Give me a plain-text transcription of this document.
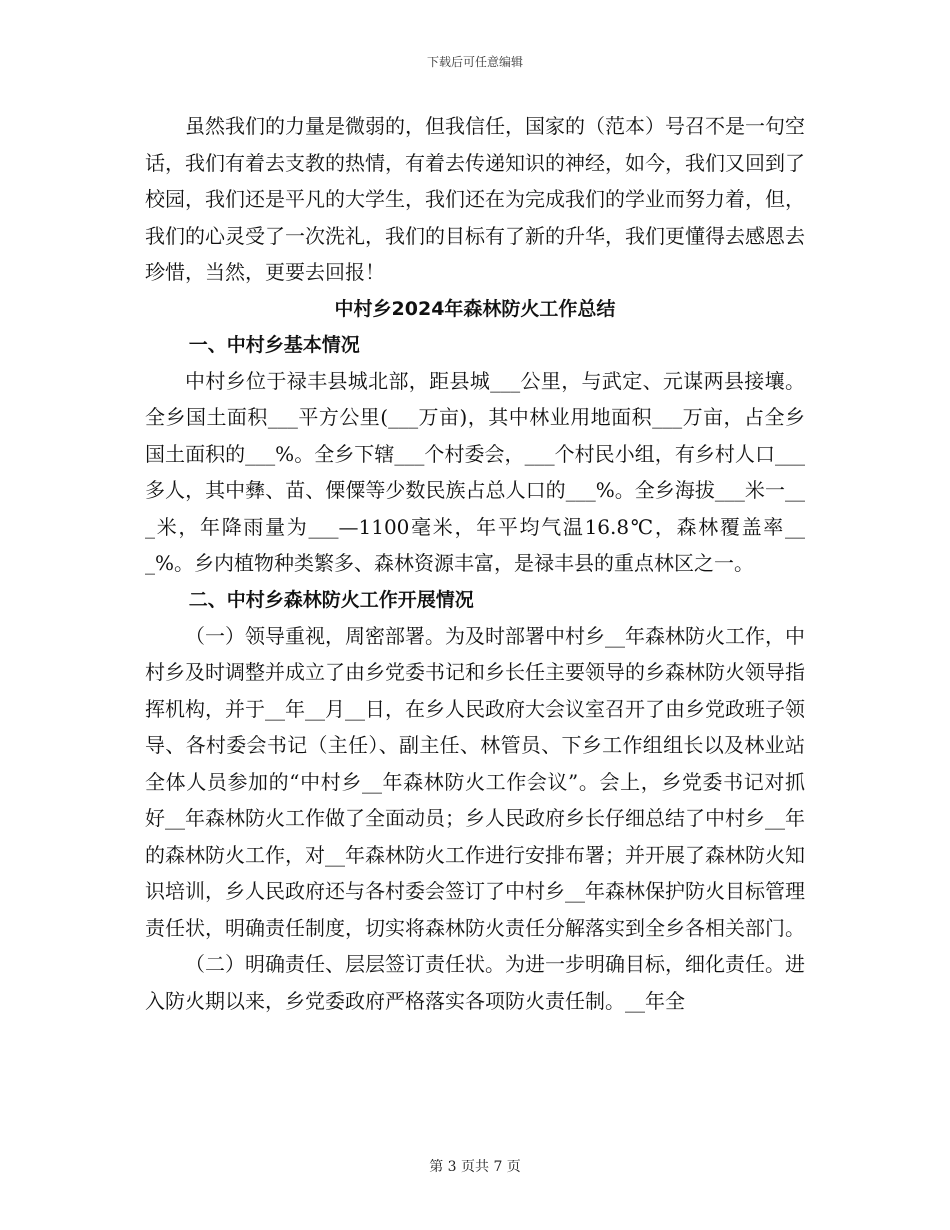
下载后可任意编辑

虽然我们的力量是微弱的，但我信任，国家的（范本）号召不是一句空话，我们有着去支教的热情，有着去传递知识的神经，如今，我们又回到了校园，我们还是平凡的大学生，我们还在为完成我们的学业而努力着，但，我们的心灵受了一次洗礼，我们的目标有了新的升华，我们更懂得去感恩去珍惜，当然，更要去回报！

中村乡2024年森林防火工作总结
一、中村乡基本情况

中村乡位于禄丰县城北部，距县城___公里，与武定、元谋两县接壤。全乡国土面积___平方公里(___万亩)，其中林业用地面积___万亩，占全乡国土面积的___%。全乡下辖___个村委会，___个村民小组，有乡村人口___多人，其中彝、苗、傈僳等少数民族占总人口的___%。全乡海拔___米一___米，年降雨量为___—1100毫米，年平均气温16.8℃，森林覆盖率___%。乡内植物种类繁多、森林资源丰富，是禄丰县的重点林区之一。

二、中村乡森林防火工作开展情况

（一）领导重视，周密部署。为及时部署中村乡__年森林防火工作，中村乡及时调整并成立了由乡党委书记和乡长任主要领导的乡森林防火领导指挥机构，并于__年__月__日，在乡人民政府大会议室召开了由乡党政班子领导、各村委会书记（主任）、副主任、林管员、下乡工作组组长以及林业站全体人员参加的“中村乡__年森林防火工作会议”。会上，乡党委书记对抓好__年森林防火工作做了全面动员；乡人民政府乡长仔细总结了中村乡__年的森林防火工作，对__年森林防火工作进行安排布署；并开展了森林防火知识培训，乡人民政府还与各村委会签订了中村乡__年森林保护防火目标管理责任状，明确责任制度，切实将森林防火责任分解落实到全乡各相关部门。

（二）明确责任、层层签订责任状。为进一步明确目标，细化责任。进入防火期以来，乡党委政府严格落实各项防火责任制。__年全

第 3 页共 7 页
